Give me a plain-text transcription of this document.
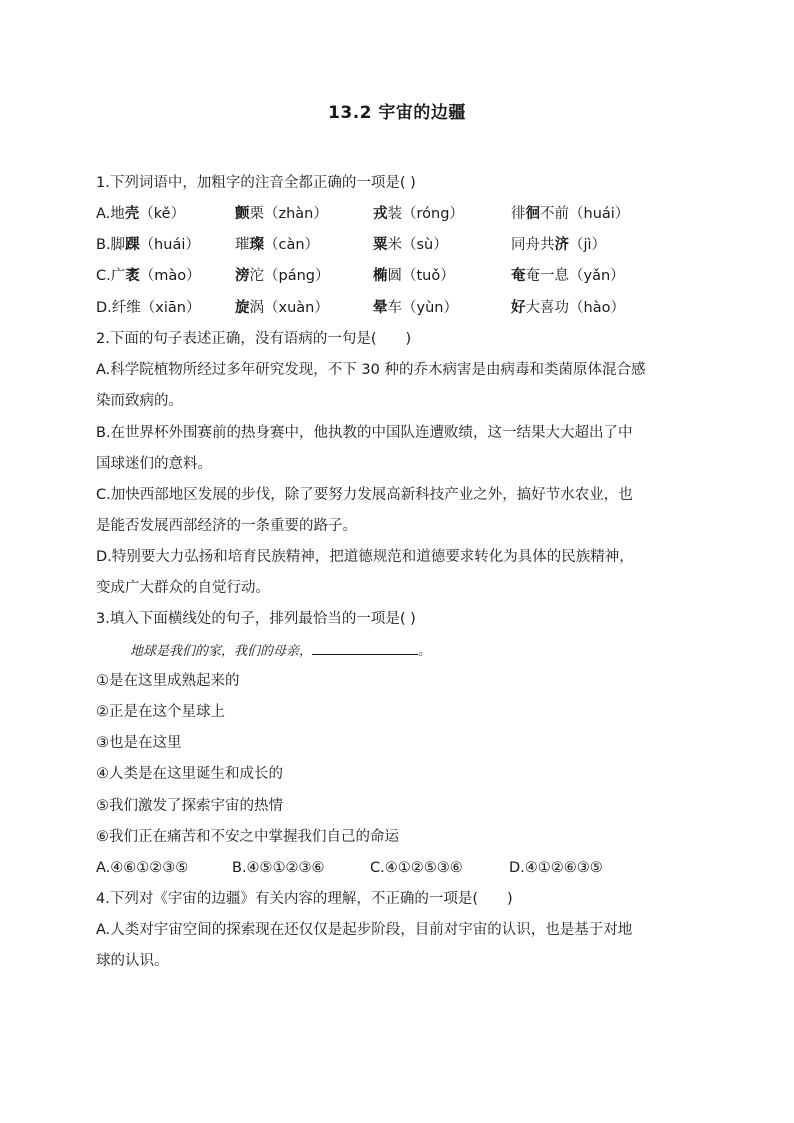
13.2 宇宙的边疆
1.下列词语中，加粗字的注音全都正确的一项是( )
A.地壳（kě）	颤栗（zhàn）	戎装（róng）	徘徊不前（huái）
B.脚踝（huái） 璀璨（càn）	粟米（sù）	同舟共济（jì）
C.广袤（mào） 滂沱（páng）	椭圆（tuǒ）	奄奄一息（yǎn）
D.纤维（xiān） 旋涡（xuàn）	晕车（yùn）	好大喜功（hào）
2.下面的句子表述正确，没有语病的一句是(　　)
A.科学院植物所经过多年研究发现，不下 30 种的乔木病害是由病毒和类菌原体混合感
染而致病的。
B.在世界杯外围赛前的热身赛中，他执教的中国队连遭败绩，这一结果大大超出了中
国球迷们的意料。
C.加快西部地区发展的步伐，除了要努力发展高新科技产业之外，搞好节水农业，也
是能否发展西部经济的一条重要的路子。
D.特别要大力弘扬和培育民族精神，把道德规范和道德要求转化为具体的民族精神，
变成广大群众的自觉行动。
3.填入下面横线处的句子，排列最恰当的一项是( )
地球是我们的家，我们的母亲，	。
①是在这里成熟起来的
②正是在这个星球上
③也是在这里
④人类是在这里诞生和成长的
⑤我们激发了探索宇宙的热情
⑥我们正在痛苦和不安之中掌握我们自己的命运
A.④⑥①②③⑤	B.④⑤①②③⑥	C.④①②⑤③⑥	D.④①②⑥③⑤
4.下列对《宇宙的边疆》有关内容的理解，不正确的一项是(　　)
A.人类对宇宙空间的探索现在还仅仅是起步阶段，目前对宇宙的认识，也是基于对地
球的认识。
